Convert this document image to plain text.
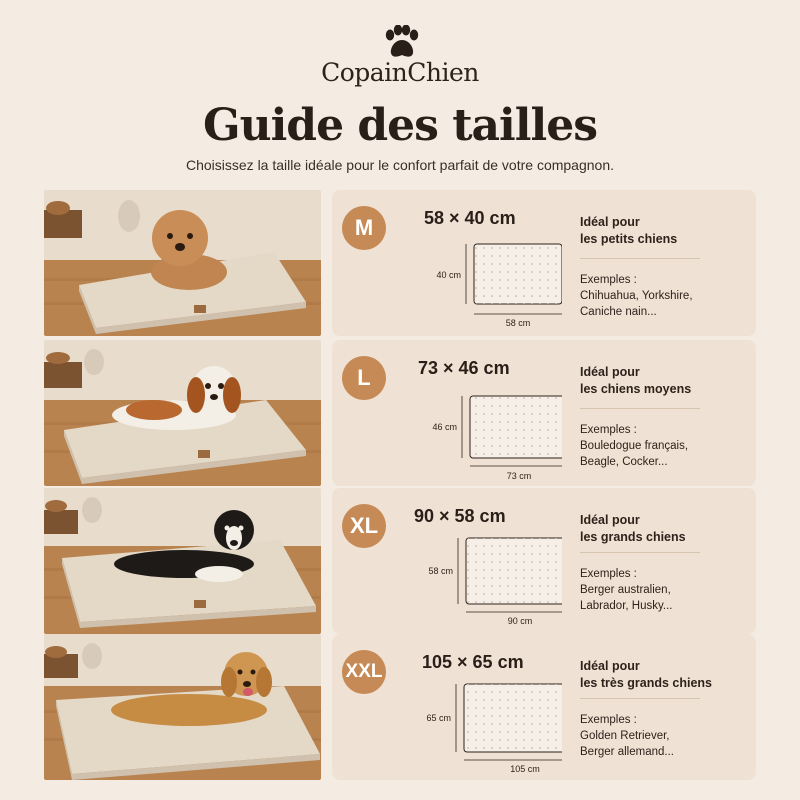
CopainChien
Guide des tailles
Choisissez la taille idéale pour le confort parfait de votre compagnon.
M	58 × 40 cm
40 cm
58 cm
Idéal pour
les petits chiens
Exemples :
Chihuahua, Yorkshire,
Caniche nain...
L	73 × 46 cm
46 cm
73 cm
Idéal pour
les chiens moyens
Exemples :
Bouledogue français,
Beagle, Cocker...
XL	90 × 58 cm
58 cm
90 cm
Idéal pour
les grands chiens
Exemples :
Berger australien,
Labrador, Husky...
XXL 105 × 65 cm
65 cm
105 cm
Idéal pour
les très grands chiens
Exemples :
Golden Retriever,
Berger allemand...
